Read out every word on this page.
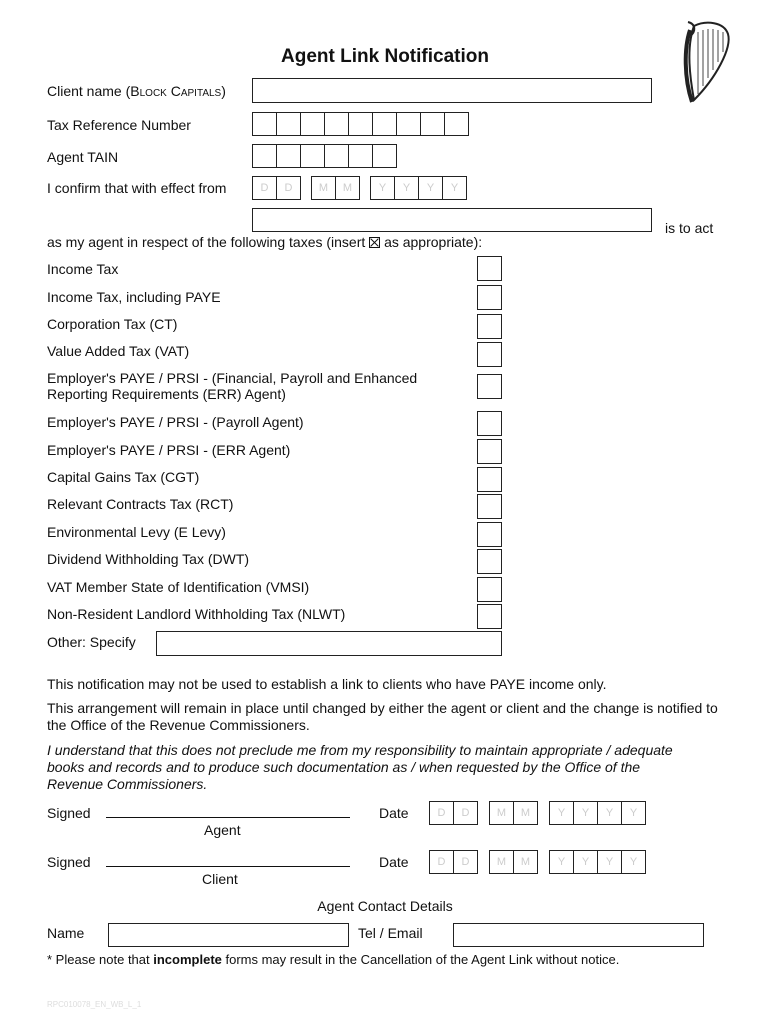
Agent Link Notification
Client name (Block Capitals)
Tax Reference Number
Agent TAIN
I confirm that with effect from	D	D	M	M	Y	Y	Y	Y
is to act
as my agent in respect of the following taxes (insert ☒ as appropriate):
Income Tax
Income Tax, including PAYE
Corporation Tax (CT)
Value Added Tax (VAT)
Employer's PAYE / PRSI - (Financial, Payroll and Enhanced Reporting Requirements (ERR) Agent)
Employer's PAYE / PRSI - (Payroll Agent)
Employer's PAYE / PRSI - (ERR Agent)
Capital Gains Tax (CGT)
Relevant Contracts Tax (RCT)
Environmental Levy (E Levy)
Dividend Withholding Tax (DWT)
VAT Member State of Identification (VMSI)
Non-Resident Landlord Withholding Tax (NLWT)
Other: Specify
This notification may not be used to establish a link to clients who have PAYE income only.
This arrangement will remain in place until changed by either the agent or client and the change is notified to the Office of the Revenue Commissioners.
I understand that this does not preclude me from my responsibility to maintain appropriate / adequate books and records and to produce such documentation as / when requested by the Office of the Revenue Commissioners.
Signed
Agent
Date	D	D	M	M	Y	Y	Y	Y
Signed
Client
Date	D	D	M	M	Y	Y	Y	Y
Agent Contact Details
Name	Tel / Email
* Please note that incomplete forms may result in the Cancellation of the Agent Link without notice.
RPC010078_EN_WB_L_1
